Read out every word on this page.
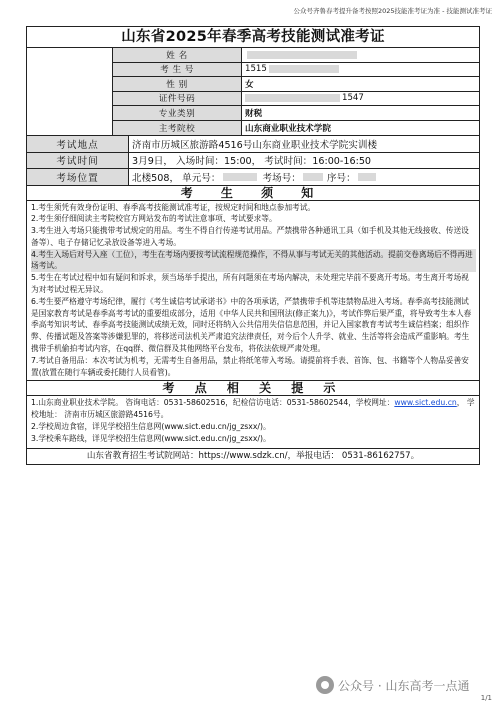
公众号齐鲁春考提升备考按照2025技能准考证为准 - 技能测试准考证
山东省2025年春季高考技能测试准考证
姓 名
考 生 号	1515
性 别	女
证件号码	1547
专业类别	财税
主考院校	山东商业职业技术学院
考试地点	济南市历城区旅游路4516号山东商业职业技术学院实训楼
考试时间	3月9日， 入场时间：15:00， 考试时间：16:00-16:50
考场位置	北楼508， 单元号：	考场号：	序号：
考 生 须 知

1.考生须凭有效身份证明、春季高考技能测试准考证，按规定时间和地点参加考试。

2.考生须仔细阅读主考院校官方网站发布的考试注意事项、考试要求等。

3.考生进入考场只能携带考试规定的用品。考生不得自行传递考试用品。严禁携带各种通讯工具（如手机及其他无线接收、传送设备等）、电子存储记忆录放设备等进入考场。

4.考生入场后对号入座（工位），考生在考场内要按考试流程规范操作，不得从事与考试无关的其他活动。提前交卷离场后不得再进场考试。

5.考生在考试过程中如有疑问和诉求，须当场举手提出，所有问题须在考场内解决，未处理完毕前不要离开考场。考生离开考场视为对考试过程无异议。

6.考生要严格遵守考场纪律，履行《考生诚信考试承诺书》中的各项承诺，严禁携带手机等违禁物品进入考场。春季高考技能测试是国家教育考试是春季高考考试的重要组成部分，适用《中华人民共和国刑法(修正案九)》，考试作弊后果严重，将导致考生本人春季高考知识考试、春季高考技能测试成绩无效，同时还将纳入公共信用失信信息范围，并记入国家教育考试考生诚信档案；组织作弊、传播试题及答案等涉嫌犯罪的，将移送司法机关严肃追究法律责任，对今后个人升学、就业、生活等将会造成严重影响。考生携带手机偷拍考试内容，在qq群、微信群及其他网络平台发布，将依法依规严肃处理。

7.考试自备用品：本次考试为机考，无需考生自备用品，禁止将纸笔带入考场。请提前将手表、首饰、包、书籍等个人物品妥善安置(放置在随行车辆或委托随行人员看管)。

考 点 相 关 提 示

1.山东商业职业技术学院。 咨询电话：0531-58602516，纪检信访电话：0531-58602544，学校网址：www.sict.edu.cn， 学校地址： 济南市历城区旅游路4516号。

2.学校周边食宿，详见学校招生信息网(www.sict.edu.cn/jg_zsxx/)。

3.学校乘车路线，详见学校招生信息网(www.sict.edu.cn/jg_zsxx/)。

山东省教育招生考试院网站：https://www.sdzk.cn/，举报电话： 0531-86162757。
公众号 · 山东高考一点通
1/1
